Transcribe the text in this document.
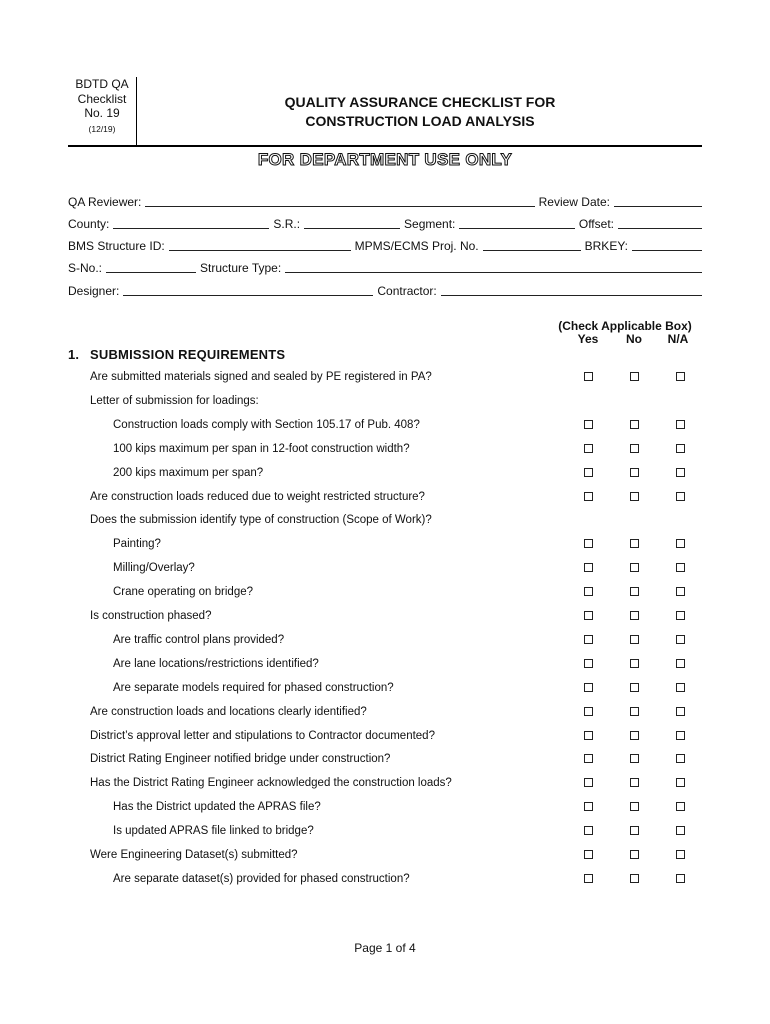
BDTD QA
Checklist
No. 19
(12/19)
QUALITY ASSURANCE CHECKLIST FOR
CONSTRUCTION LOAD ANALYSIS
FOR DEPARTMENT USE ONLY
QA Reviewer:	Review Date:
County:	S.R.:	Segment:	Offset:
BMS Structure ID:	MPMS/ECMS Proj. No.	BRKEY:
S-No.:	Structure Type:
Designer:	Contractor:
(Check Applicable Box)
Yes	No	N/A
1. SUBMISSION REQUIREMENTS
Are submitted materials signed and sealed by PE registered in PA?
Letter of submission for loadings:
Construction loads comply with Section 105.17 of Pub. 408?
100 kips maximum per span in 12-foot construction width?
200 kips maximum per span?
Are construction loads reduced due to weight restricted structure?
Does the submission identify type of construction (Scope of Work)?
Painting?
Milling/Overlay?
Crane operating on bridge?
Is construction phased?
Are traffic control plans provided?
Are lane locations/restrictions identified?
Are separate models required for phased construction?
Are construction loads and locations clearly identified?
District’s approval letter and stipulations to Contractor documented?
District Rating Engineer notified bridge under construction?
Has the District Rating Engineer acknowledged the construction loads?
Has the District updated the APRAS file?
Is updated APRAS file linked to bridge?
Were Engineering Dataset(s) submitted?
Are separate dataset(s) provided for phased construction?
Page 1 of 4
